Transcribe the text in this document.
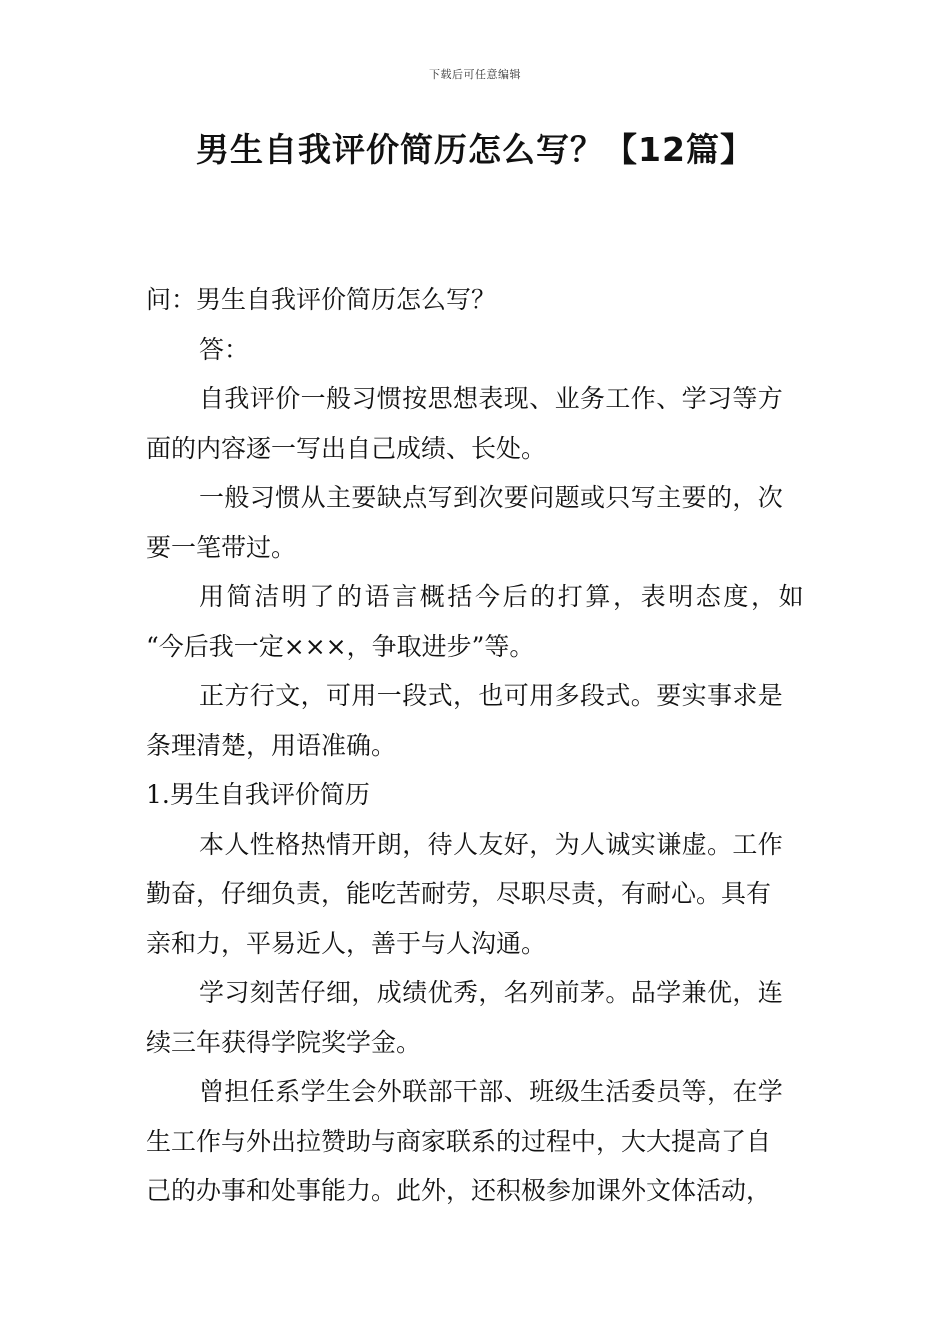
下载后可任意编辑
男生自我评价简历怎么写？【12篇】

问：男生自我评价简历怎么写？

答：

自我评价一般习惯按思想表现、业务工作、学习等方

面的内容逐一写出自己成绩、长处。

一般习惯从主要缺点写到次要问题或只写主要的，次

要一笔带过。

用简洁明了的语言概括今后的打算，表明态度，如

“今后我一定×××，争取进步”等。

正方行文，可用一段式，也可用多段式。要实事求是

条理清楚，用语准确。

1.男生自我评价简历

本人性格热情开朗，待人友好，为人诚实谦虚。工作

勤奋，仔细负责，能吃苦耐劳，尽职尽责，有耐心。具有

亲和力，平易近人，善于与人沟通。

学习刻苦仔细，成绩优秀，名列前茅。品学兼优，连

续三年获得学院奖学金。

曾担任系学生会外联部干部、班级生活委员等，在学

生工作与外出拉赞助与商家联系的过程中，大大提高了自

己的办事和处事能力。此外，还积极参加课外文体活动，
